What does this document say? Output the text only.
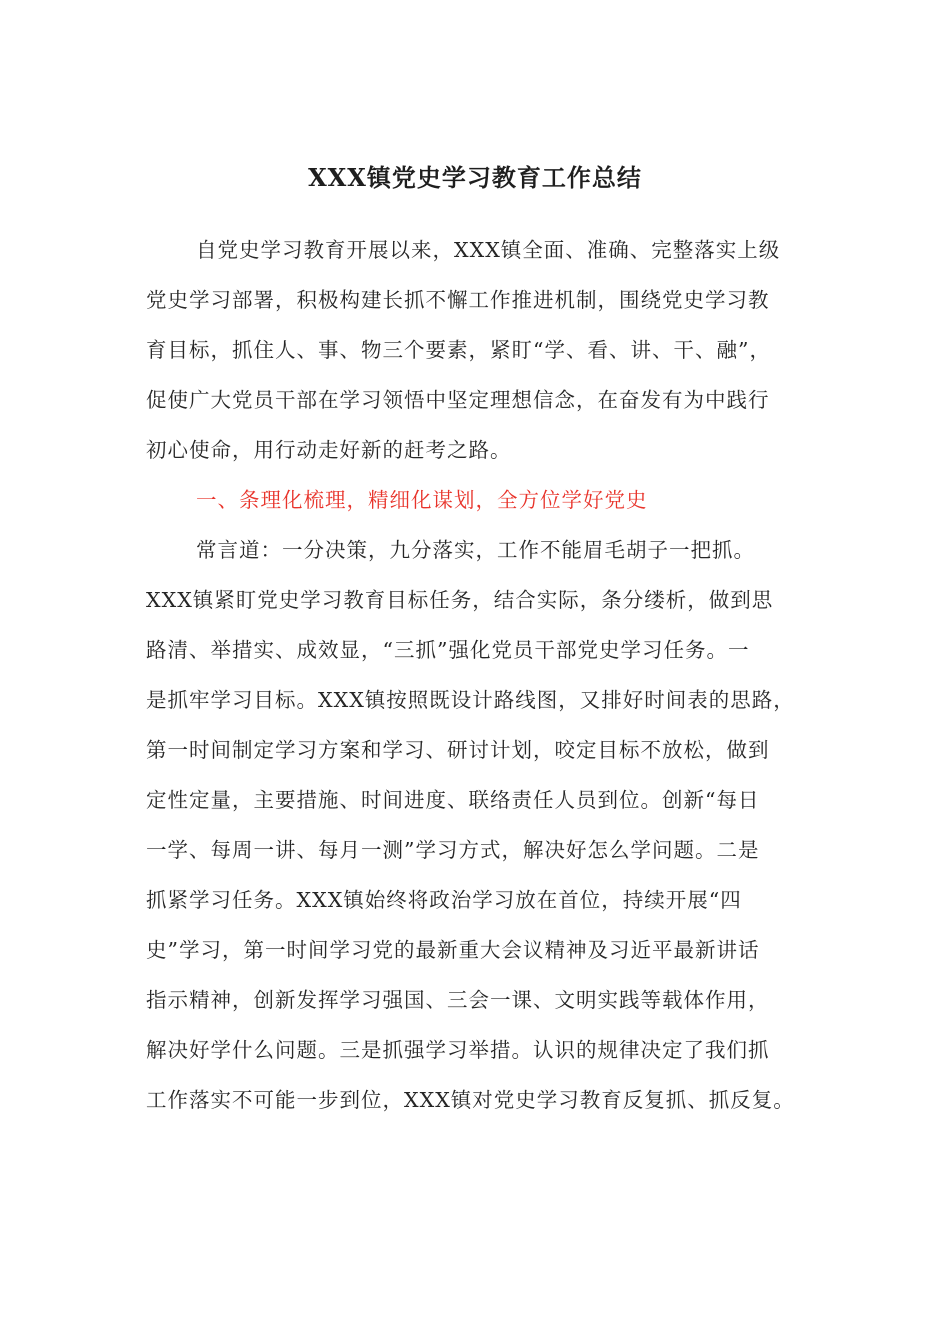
XXX镇党史学习教育工作总结

自党史学习教育开展以来，XXX镇全面、准确、完整落实上级

党史学习部署，积极构建长抓不懈工作推进机制，围绕党史学习教

育目标，抓住人、事、物三个要素，紧盯“学、看、讲、干、融”，

促使广大党员干部在学习领悟中坚定理想信念，在奋发有为中践行

初心使命，用行动走好新的赶考之路。

一、条理化梳理，精细化谋划，全方位学好党史

常言道：一分决策，九分落实，工作不能眉毛胡子一把抓。

XXX镇紧盯党史学习教育目标任务，结合实际，条分缕析，做到思

路清、举措实、成效显，“三抓”强化党员干部党史学习任务。一

是抓牢学习目标。XXX镇按照既设计路线图，又排好时间表的思路，

第一时间制定学习方案和学习、研讨计划，咬定目标不放松，做到

定性定量，主要措施、时间进度、联络责任人员到位。创新“每日

一学、每周一讲、每月一测”学习方式，解决好怎么学问题。二是

抓紧学习任务。XXX镇始终将政治学习放在首位，持续开展“四

史”学习，第一时间学习党的最新重大会议精神及习近平最新讲话

指示精神，创新发挥学习强国、三会一课、文明实践等载体作用，

解决好学什么问题。三是抓强学习举措。认识的规律决定了我们抓

工作落实不可能一步到位，XXX镇对党史学习教育反复抓、抓反复。
